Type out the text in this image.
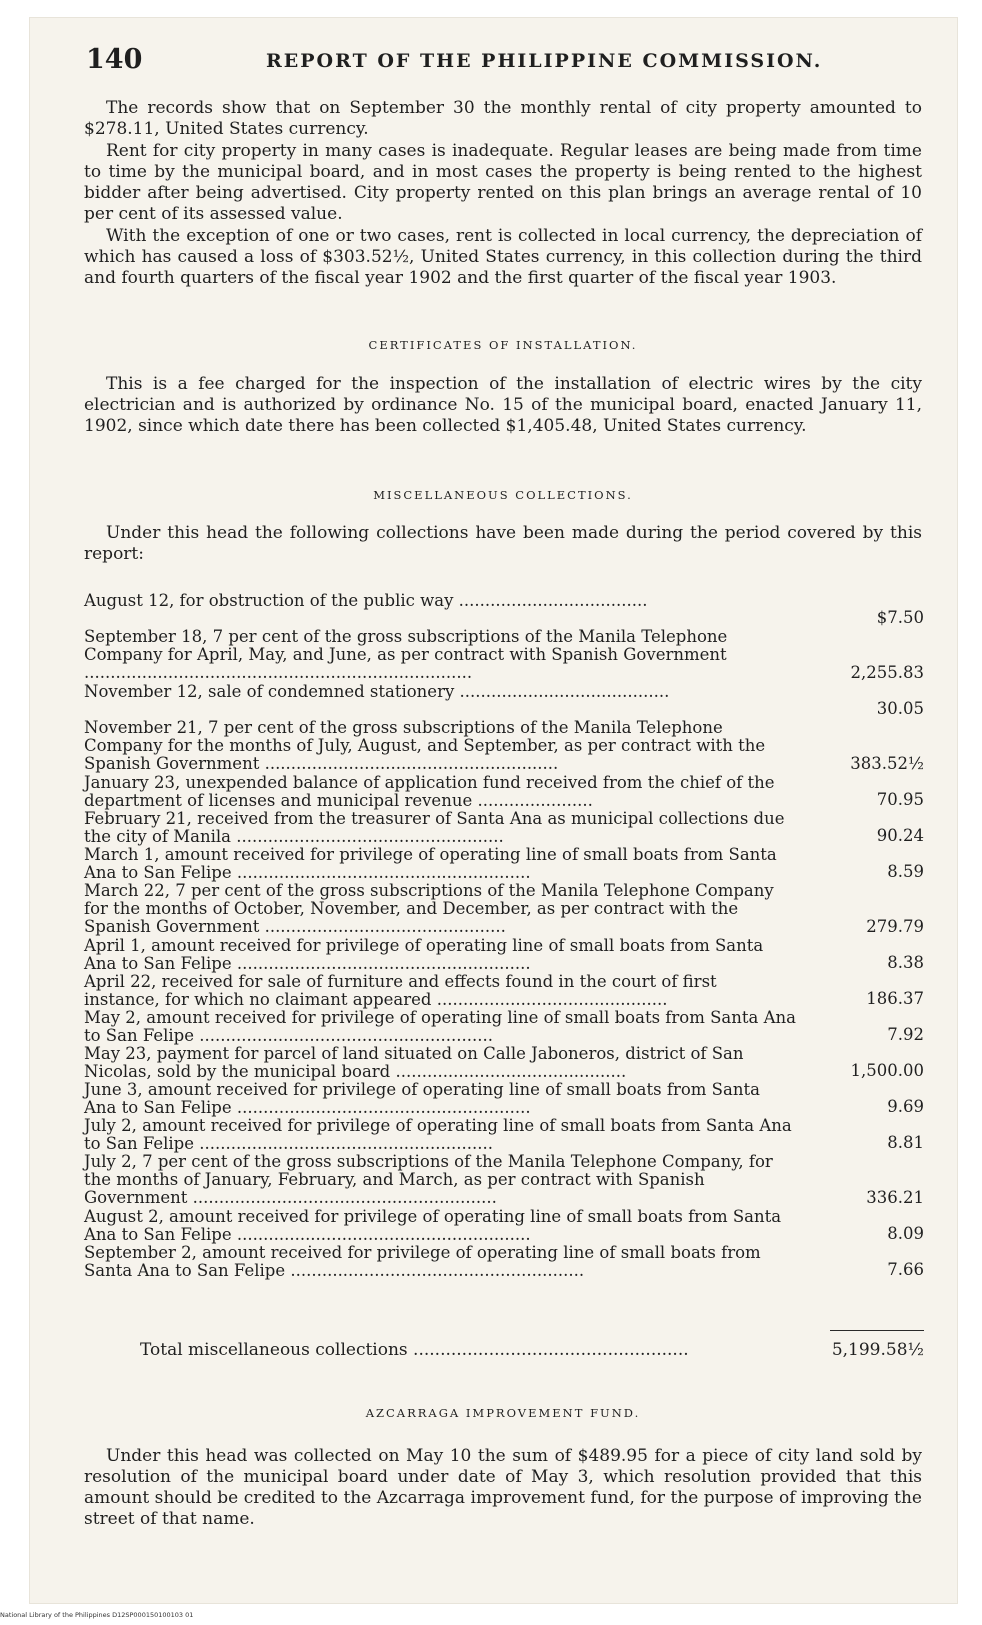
140	REPORT OF THE PHILIPPINE COMMISSION.

The records show that on September 30 the monthly rental of city property amounted to $278.11, United States currency.

Rent for city property in many cases is inadequate. Regular leases are being made from time to time by the municipal board, and in most cases the property is being rented to the highest bidder after being advertised. City property rented on this plan brings an average rental of 10 per cent of its assessed value.

With the exception of one or two cases, rent is collected in local currency, the depreciation of which has caused a loss of $303.52½, United States currency, in this collection during the third and fourth quarters of the fiscal year 1902 and the first quarter of the fiscal year 1903.

CERTIFICATES OF INSTALLATION.

This is a fee charged for the inspection of the installation of electric wires by the city electrician and is authorized by ordinance No. 15 of the municipal board, enacted January 11, 1902, since which date there has been collected $1,405.48, United States currency.

MISCELLANEOUS COLLECTIONS.

Under this head the following collections have been made during the period covered by this report:

August 12, for obstruction of the public way ....................................
$7.50
September 18, 7 per cent of the gross subscriptions of the Manila Telephone Company for April, May, and June, as per contract with Spanish Government ..........................................................................	2,255.83
November 12, sale of condemned stationery ........................................
30.05
November 21, 7 per cent of the gross subscriptions of the Manila Telephone Company for the months of July, August, and September, as per contract with the Spanish Government ........................................................	383.52½
January 23, unexpended balance of application fund received from the chief of the department of licenses and municipal revenue ......................	70.95
February 21, received from the treasurer of Santa Ana as municipal collections due the city of Manila ...................................................	90.24
March 1, amount received for privilege of operating line of small boats from Santa Ana to San Felipe ........................................................	8.59
March 22, 7 per cent of the gross subscriptions of the Manila Telephone Company for the months of October, November, and December, as per contract with the Spanish Government ..............................................	279.79
April 1, amount received for privilege of operating line of small boats from Santa Ana to San Felipe ........................................................	8.38
April 22, received for sale of furniture and effects found in the court of first instance, for which no claimant appeared ............................................	186.37
May 2, amount received for privilege of operating line of small boats from Santa Ana to San Felipe ........................................................	7.92
May 23, payment for parcel of land situated on Calle Jaboneros, district of San Nicolas, sold by the municipal board ............................................	1,500.00
June 3, amount received for privilege of operating line of small boats from Santa Ana to San Felipe ........................................................	9.69
July 2, amount received for privilege of operating line of small boats from Santa Ana to San Felipe ........................................................	8.81
July 2, 7 per cent of the gross subscriptions of the Manila Telephone Company, for the months of January, February, and March, as per contract with Spanish Government ..........................................................	336.21
August 2, amount received for privilege of operating line of small boats from Santa Ana to San Felipe ........................................................	8.09
September 2, amount received for privilege of operating line of small boats from Santa Ana to San Felipe ........................................................	7.66
Total miscellaneous collections ...................................................	5,199.58½

AZCARRAGA IMPROVEMENT FUND.

Under this head was collected on May 10 the sum of $489.95 for a piece of city land sold by resolution of the municipal board under date of May 3, which resolution provided that this amount should be credited to the Azcarraga improvement fund, for the purpose of improving the street of that name.

National Library of the Philippines D12SP000150100103 01
